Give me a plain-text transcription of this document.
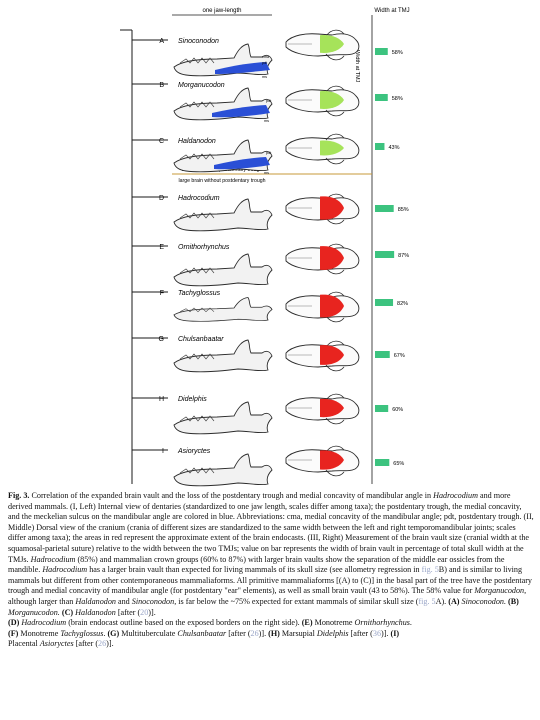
one jaw-length	Width at TMJ
Width at TMJ
large brain without postdentary trough
cma
pdt
ms
pdt
ms
pdt
ms
A Sinoconodon
B Morganucodon
C Haldanodon
D Hadrocodium
E Ornithorhynchus
F Tachyglossus
G Chulsanbaatar
H Didelphis
I Asioryctes
58%
58%
43%
85%
87%
82%
67%
60%
65%

Fig. 3. Correlation of the expanded brain vault and the loss of the postdentary trough and medial concavity of mandibular angle in Hadrocodium and more derived mammals. (I, Left) Internal view of dentaries (standardized to one jaw length, scales differ among taxa); the postdentary trough, the medial concavity, and the meckelian sulcus on the mandibular angle are colored in blue. Abbreviations: cma, medial concavity of the mandibular angle; pdt, postdentary trough. (II, Middle) Dorsal view of the cranium (crania of different sizes are standardized to the same width between the left and right temporomandibular joints; scales differ among taxa); the areas in red represent the approximate extent of the brain endocasts. (III, Right) Measurement of the brain vault size (cranial width at the squamosal-parietal suture) relative to the width between the two TMJs; value on bar represents the width of brain vault in percentage of total skull width at the TMJs. Hadrocodium (85%) and mammalian crown groups (60% to 87%) with larger brain vaults show the separation of the middle ear ossicles from the mandible. Hadrocodium has a larger brain vault than expected for living mammals of its skull size (see allometry regression in fig. 5B) and is similar to living mammals but different from other contemporaneous mammaliaforms. All primitive mammaliaforms [(A) to (C)] in the basal part of the tree have the postdentary trough and medial concavity of mandibular angle (for postdentary "ear" elements), as well as small brain vault (43 to 58%). The 58% value for Morganucodon, although larger than Haldanodon and Sinoconodon, is far below the ~75% expected for extant mammals of similar skull size (fig. 5A). (A) Sinoconodon. (B) Morganucodon. (C) Haldanodon [after (20)].
(D) Hadrocodium (brain endocast outline based on the exposed borders on the right side). (E) Monotreme Ornithorhynchus.
(F) Monotreme Tachyglossus. (G) Multituberculate Chulsanbaatar [after (26)]. (H) Marsupial Didelphis [after (36)]. (I)
Placental Asioryctes [after (26)].
